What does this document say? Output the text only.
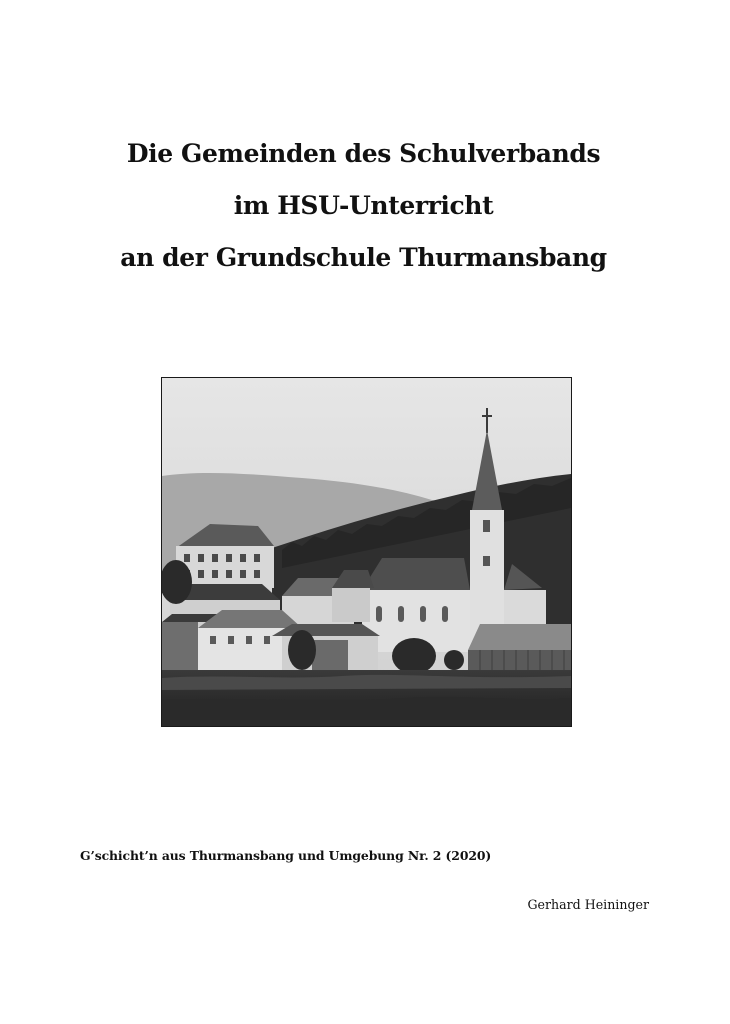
Die Gemeinden des Schulverbands
im HSU-Unterricht
an der Grundschule Thurmansbang
G’schicht’n aus Thurmansbang und Umgebung Nr. 2 (2020)
Gerhard Heininger
